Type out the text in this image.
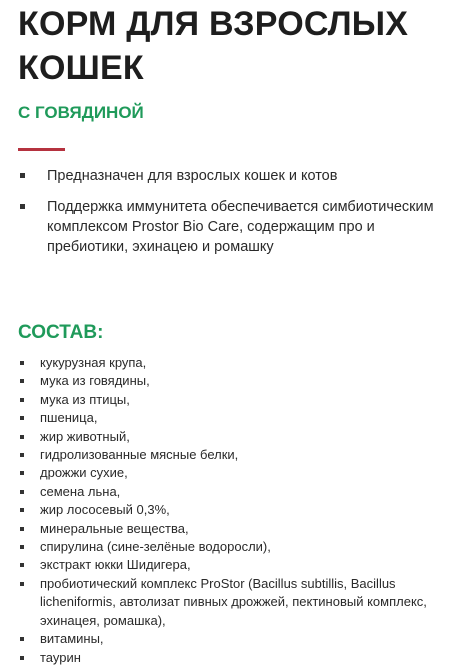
КОРМ ДЛЯ ВЗРОСЛЫХ КОШЕК
С ГОВЯДИНОЙ
Предназначен для взрослых кошек и котов
Поддержка иммунитета обеспечивается симбиотическим комплексом Prostor Bio Care, содержащим про и пребиотики, эхинацею и ромашку
СОСТАВ:
кукурузная крупа,
мука из говядины,
мука из птицы,
пшеница,
жир животный,
гидролизованные мясные белки,
дрожжи сухие,
семена льна,
жир лососевый 0,3%,
минеральные вещества,
спирулина (сине-зелёные водоросли),
экстракт юкки Шидигера,
пробиотический комплекс ProStor (Bacillus subtillis, Bacillus licheniformis, автолизат пивных дрожжей, пектиновый комплекс, эхинацея, ромашка),
витамины,
таурин
